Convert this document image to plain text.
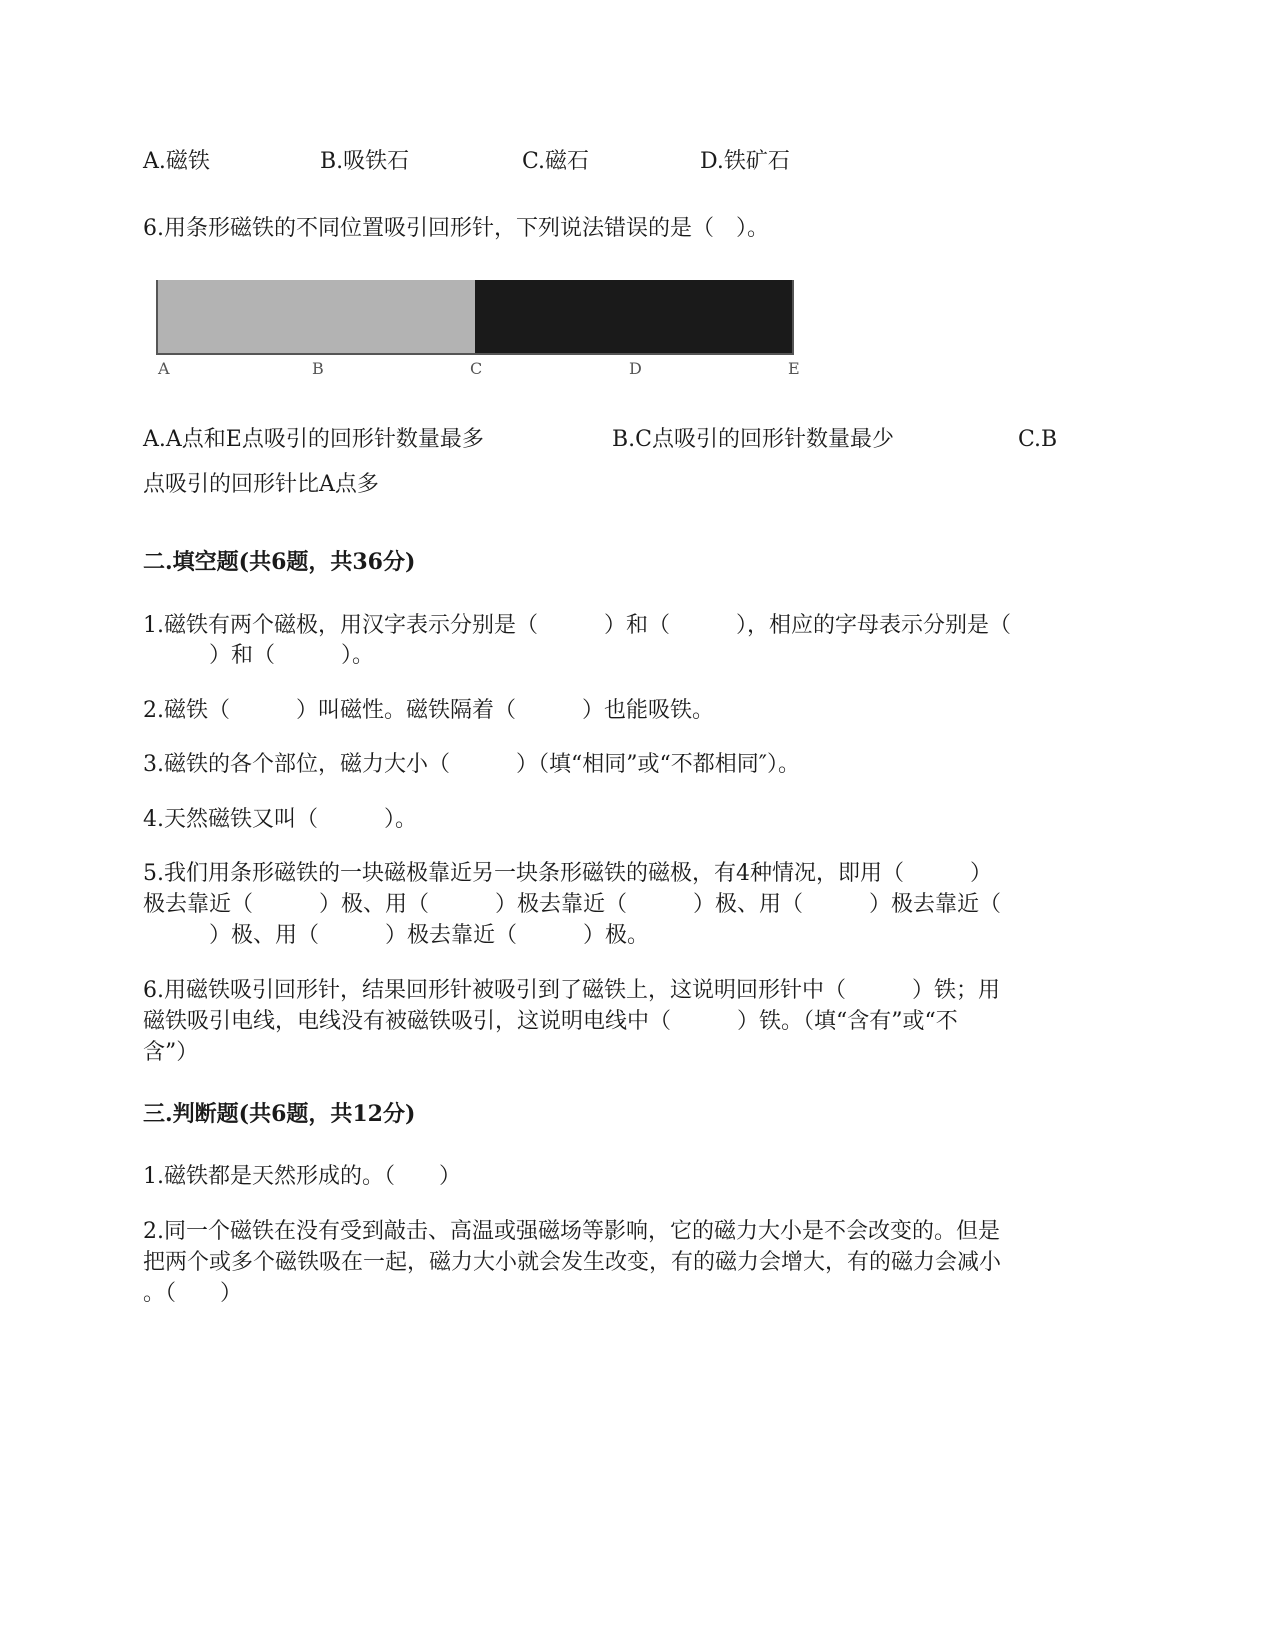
A.磁铁	B.吸铁石	C.磁石	D.铁矿石
6.用条形磁铁的不同位置吸引回形针，下列说法错误的是（　）。
A	B	C	D	E
A.A点和E点吸引的回形针数量最多	B.C点吸引的回形针数量最少	C.B
点吸引的回形针比A点多
二.填空题(共6题，共36分)
1.磁铁有两个磁极，用汉字表示分别是（　　　）和（　　　），相应的字母表示分别是（
　　　）和（　　　）。
2.磁铁（　　　）叫磁性。磁铁隔着（　　　）也能吸铁。
3.磁铁的各个部位，磁力大小（　　　）（填“相同”或“不都相同″）。
4.天然磁铁又叫（　　　）。
5.我们用条形磁铁的一块磁极靠近另一块条形磁铁的磁极，有4种情况，即用（　　　）
极去靠近（　　　）极、用（　　　）极去靠近（　　　）极、用（　　　）极去靠近（
　　　）极、用（　　　）极去靠近（　　　）极。
6.用磁铁吸引回形针，结果回形针被吸引到了磁铁上，这说明回形针中（　　　）铁；用
磁铁吸引电线，电线没有被磁铁吸引，这说明电线中（　　　）铁。（填“含有”或“不
含”）
三.判断题(共6题，共12分)
1.磁铁都是天然形成的。（　　）
2.同一个磁铁在没有受到敲击、高温或强磁场等影响，它的磁力大小是不会改变的。但是
把两个或多个磁铁吸在一起，磁力大小就会发生改变，有的磁力会增大，有的磁力会减小
。（　　）
